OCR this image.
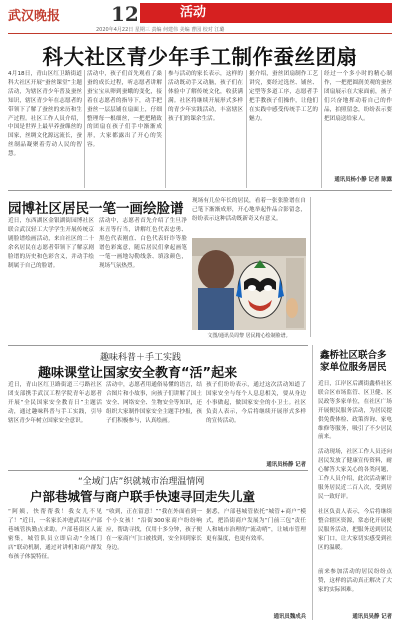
武汉晚报	12	活动
2020年4月22日 星期三 责编 何建伟 美编 曹园 校对 江璐
科大社区青少年手工制作蚕丝团扇
4月18日，青山区红卫路街道科大社区开展“蚕丝课堂”主题活动，为辖区青少年普及蚕丝知识，辖区青少年在志愿者的带领下了解了蚕丝的来历和生产过程。社区工作人员介绍，中国是世界上最早养蚕缫丝的国家，丝绸文化源远流长，蚕丝制品凝聚着劳动人民的智慧。
活动中，孩子们首先观看了桑蚕的成长过程，听志愿者讲解蚕宝宝从卵到蚕蛾的变化，接着在志愿者的指导下，动手把蚕丝一层层铺在扇面上，仔细整理每一根细丝，一把把精致的团扇在孩子们手中渐渐成形，大家都露出了开心的笑容。
参与活动的家长表示，这样的活动既动手又动脑，孩子们在体验中了解传统文化，收获满满。社区将继续开展形式多样的青少年实践活动，丰富辖区孩子们的课余生活。
据介绍，蚕丝团扇制作工艺讲究，要经过选丝、铺丝、定型等多道工序，志愿者手把手教孩子们操作，让他们在实践中感受传统手工艺的魅力。
经过一个多小时的精心制作，一把把圆润美观的蚕丝团扇展示在大家面前，孩子们兴奋地挥动着自己的作品，拍照留念，纷纷表示要把团扇送给家人。
通讯员杨小静 记者 陈露
园博社区居民一笔一画绘脸谱
近日，东西湖区金银湖街园博社区联合武汉轻工大学学生开展传统京剧脸谱绘画活动，来自社区的二十余名居民在志愿者带领下了解京剧脸谱的历史和色彩含义，并动手绘制属于自己的脸谱。
活动中，志愿者首先介绍了生旦净末丑等行当，讲解红色代表忠勇、黑色代表刚直、白色代表奸诈等脸谱色彩寓意，随后居民们拿起画笔一笔一画地勾勒线条、填涂颜色，现场气氛热烈。
现场有几位年长的居民，看着一张张脸谱在自己笔下渐渐成形，开心地举起作品合影留念，纷纷表示这种活动既新奇又有意义。
文图/通讯员周黎 居民精心绘制脸谱。
趣味科普＋手工实践
趣味课堂让国家安全教育“活”起来
近日，青山区红卫路街道三弓路社区团支部携手武汉工程学院青年志愿者开展“全民国家安全教育日”主题活动，通过趣味科普与手工实践，引导辖区青少年树立国家安全意识。
活动中，志愿者用通俗易懂的语言，结合图片和小故事，向孩子们讲解了国土安全、网络安全、生物安全等知识，还组织大家制作国家安全主题手抄报，孩子们积极参与，认真绘画。
孩子们纷纷表示，通过这次活动知道了国家安全与每个人息息相关，要从身边小事做起，做国家安全的小卫士。社区负责人表示，今后将继续开展形式多样的宣传活动。
通讯员杨静 记者
“全域门店”织就城市治理温情网
户部巷城管与商户联手快速寻回走失儿童
“阿姨，快帮帮我！我女儿不见了！”近日，一名家长冲进武昌区户部巷城管执勤点求助。户部巷街区人流密集，城管队员立即启动“全域门店”联动机制，通过对讲机和商户群发布孩子体貌特征。
“收到，正在留意！”“我在外面看到一个小女孩！”沿街300家商户纷纷响应，帮助寻找，仅用十多分钟，孩子便在一家商户门口被找到，安全回到家长身边。
据悉，户部巷城管依托“城管+商户”模式，把沿街商户发展为“门前三包”责任人和城市治理的“流动哨”，让城市管理更有温度，也更有效率。
通讯员魏成兵
鑫桥社区联合多家单位服务居民
近日，江岸区后湖街鑫桥社区联合区市场监管、区卫健、区民政等多家单位，在社区广场开展便民服务活动，为居民提供免费体检、政策咨询、家电维修等服务，吸引了不少居民前来。
活动现场，社区工作人员还向居民发放了健康宣传资料，耐心解答大家关心的各类问题，工作人员介绍，此次活动累计服务居民近二百人次，受到居民一致好评。
社区负责人表示，今后将继续整合辖区资源，常态化开展便民服务活动，把服务送到居民家门口，让大家切实感受到社区的温暖。
前来参加活动的居民纷纷点赞，这样的活动真正解决了大家的实际困难。
通讯员吴静 记者
